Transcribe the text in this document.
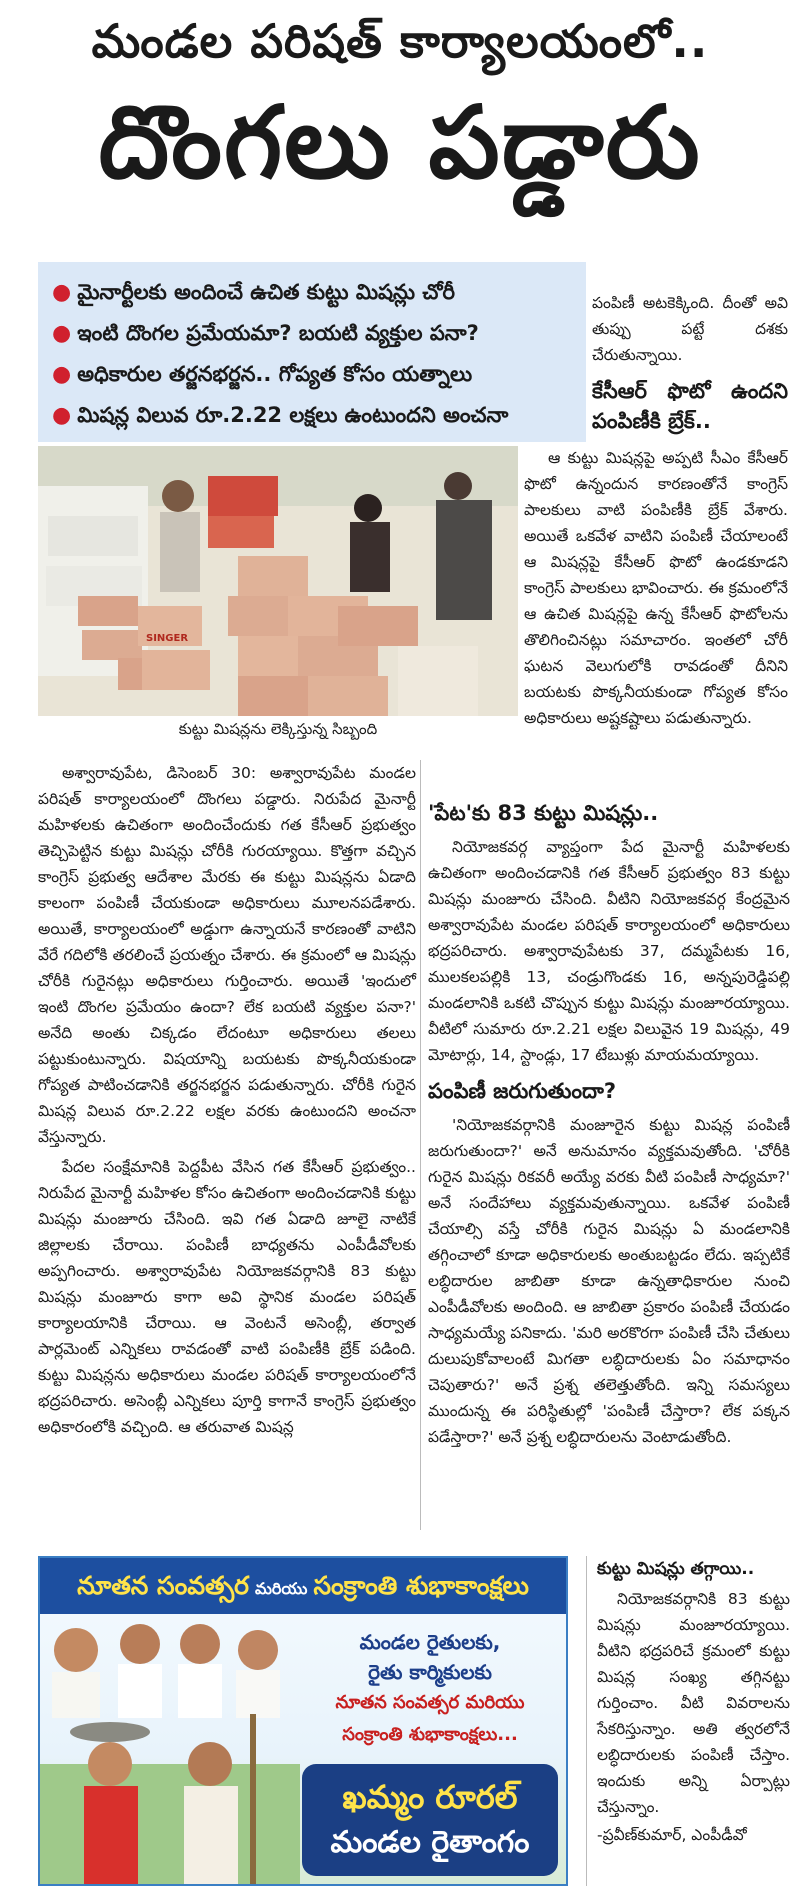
మండల పరిషత్ కార్యాలయంలో..
దొంగలు పడ్డారు
● మైనార్టీలకు అందించే ఉచిత కుట్టు మిషన్లు చోరీ
● ఇంటి దొంగల ప్రమేయమా? బయటి వ్యక్తుల పనా?
● అధికారుల తర్జనభర్జన.. గోప్యత కోసం యత్నాలు
● మిషన్ల విలువ రూ.2.22 లక్షలు ఉంటుందని అంచనా
SINGER
కుట్టు మిషన్లను లెక్కిస్తున్న సిబ్బంది

పంపిణీ అటకెక్కింది. దీంతో అవి తుప్పు పట్టే దశకు చేరుతున్నాయి.

కేసీఆర్ ఫొటో ఉందని పంపిణీకి బ్రేక్..

ఆ కుట్టు మిషన్లపై అప్పటి సీఎం కేసీఆర్ ఫొటో ఉన్నందున కారణంతోనే కాంగ్రెస్ పాలకులు వాటి పంపిణీకి బ్రేక్ వేశారు. అయితే ఒకవేళ వాటిని పంపిణీ చేయాలంటే ఆ మిషన్లపై కేసీఆర్ ఫొటో ఉండకూడని కాంగ్రెస్ పాలకులు భావించారు. ఈ క్రమంలోనే ఆ ఉచిత మిషన్లపై ఉన్న కేసీఆర్ ఫొటోలను తొలిగించినట్లు సమాచారం. ఇంతలో చోరీ ఘటన వెలుగులోకి రావడంతో దీనిని బయటకు పొక్కనీయకుండా గోప్యత కోసం అధికారులు అష్టకష్టాలు పడుతున్నారు.

అశ్వారావుపేట, డిసెంబర్ 30: అశ్వారావుపేట మండల పరిషత్ కార్యాలయంలో దొంగలు పడ్డారు. నిరుపేద మైనార్టీ మహిళలకు ఉచితంగా అందించేందుకు గత కేసీఆర్ ప్రభుత్వం తెచ్చిపెట్టిన కుట్టు మిషన్లు చోరీకి గురయ్యాయి. కొత్తగా వచ్చిన కాంగ్రెస్ ప్రభుత్వ ఆదేశాల మేరకు ఈ కుట్టు మిషన్లను ఏడాది కాలంగా పంపిణీ చేయకుండా అధికారులు మూలనపడేశారు. అయితే, కార్యాలయంలో అడ్డుగా ఉన్నాయనే కారణంతో వాటిని వేరే గదిలోకి తరలించే ప్రయత్నం చేశారు. ఈ క్రమంలో ఆ మిషన్లు చోరీకి గురైనట్లు అధికారులు గుర్తించారు. అయితే 'ఇందులో ఇంటి దొంగల ప్రమేయం ఉందా? లేక బయటి వ్యక్తుల పనా?' అనేది అంతు చిక్కడం లేదంటూ అధికారులు తలలు పట్టుకుంటున్నారు. విషయాన్ని బయటకు పొక్కనీయకుండా గోప్యత పాటించడానికి తర్జనభర్జన పడుతున్నారు. చోరీకి గురైన మిషన్ల విలువ రూ.2.22 లక్షల వరకు ఉంటుందని అంచనా వేస్తున్నారు.

పేదల సంక్షేమానికి పెద్దపీట వేసిన గత కేసీఆర్ ప్రభుత్వం.. నిరుపేద మైనార్టీ మహిళల కోసం ఉచితంగా అందించడానికి కుట్టు మిషన్లు మంజూరు చేసింది. ఇవి గత ఏడాది జూలై నాటికే జిల్లాలకు చేరాయి. పంపిణీ బాధ్యతను ఎంపీడీవోలకు అప్పగించారు. అశ్వారావుపేట నియోజకవర్గానికి 83 కుట్టు మిషన్లు మంజూరు కాగా అవి స్థానిక మండల పరిషత్ కార్యాలయానికి చేరాయి. ఆ వెంటనే అసెంబ్లీ, తర్వాత పార్లమెంట్ ఎన్నికలు రావడంతో వాటి పంపిణీకి బ్రేక్ పడింది. కుట్టు మిషన్లను అధికారులు మండల పరిషత్ కార్యాలయంలోనే భద్రపరిచారు. అసెంబ్లీ ఎన్నికలు పూర్తి కాగానే కాంగ్రెస్ ప్రభుత్వం అధికారంలోకి వచ్చింది. ఆ తరువాత మిషన్ల

'పేట'కు 83 కుట్టు మిషన్లు..

నియోజకవర్గ వ్యాప్తంగా పేద మైనార్టీ మహిళలకు ఉచితంగా అందించడానికి గత కేసీఆర్ ప్రభుత్వం 83 కుట్టు మిషన్లు మంజూరు చేసింది. వీటిని నియోజకవర్గ కేంద్రమైన అశ్వారావుపేట మండల పరిషత్ కార్యాలయంలో అధికారులు భద్రపరిచారు. అశ్వారావుపేటకు 37, దమ్మపేటకు 16, ములకలపల్లికి 13, చండ్రుగొండకు 16, అన్నపురెడ్డిపల్లి మండలానికి ఒకటి చొప్పున కుట్టు మిషన్లు మంజూరయ్యాయి. వీటిలో సుమారు రూ.2.21 లక్షల విలువైన 19 మిషన్లు, 49 మోటార్లు, 14, స్టాండ్లు, 17 టేబుళ్లు మాయమయ్యాయి.

పంపిణీ జరుగుతుందా?

'నియోజకవర్గానికి మంజూరైన కుట్టు మిషన్ల పంపిణీ జరుగుతుందా?' అనే అనుమానం వ్యక్తమవుతోంది. 'చోరీకి గురైన మిషన్లు రికవరీ అయ్యే వరకు వీటి పంపిణీ సాధ్యమా?' అనే సందేహాలు వ్యక్తమవుతున్నాయి. ఒకవేళ పంపిణీ చేయాల్సి వస్తే చోరీకి గురైన మిషన్లు ఏ మండలానికి తగ్గించాలో కూడా అధికారులకు అంతుబట్టడం లేదు. ఇప్పటికే లబ్ధిదారుల జాబితా కూడా ఉన్నతాధికారుల నుంచి ఎంపీడీవోలకు అందింది. ఆ జాబితా ప్రకారం పంపిణీ చేయడం సాధ్యమయ్యే పనికాదు. 'మరి అరకొరగా పంపిణీ చేసి చేతులు దులుపుకోవాలంటే మిగతా లబ్ధిదారులకు ఏం సమాధానం చెపుతారు?' అనే ప్రశ్న తలెత్తుతోంది. ఇన్ని సమస్యలు ముందున్న ఈ పరిస్థితుల్లో 'పంపిణీ చేస్తారా? లేక పక్కన పడేస్తారా?' అనే ప్రశ్న లబ్ధిదారులను వెంటాడుతోంది.

నూతన సంవత్సర మరియు సంక్రాంతి శుభాకాంక్షలు
మండల రైతులకు,
రైతు కార్మికులకు
నూతన సంవత్సర మరియు
సంక్రాంతి శుభాకాంక్షలు...
ఖమ్మం రూరల్
మండల రైతాంగం
కుట్టు మిషన్లు తగ్గాయి..

నియోజకవర్గానికి 83 కుట్టు మిషన్లు మంజూరయ్యాయి. వీటిని భద్రపరిచే క్రమంలో కుట్టు మిషన్ల సంఖ్య తగ్గినట్టు గుర్తించాం. వీటి వివరాలను సేకరిస్తున్నాం. అతి త్వరలోనే లబ్ధిదారులకు పంపిణీ చేస్తాం. ఇందుకు అన్ని ఏర్పాట్లు చేస్తున్నాం.

-ప్రవీణ్‌కుమార్, ఎంపీడీవో
